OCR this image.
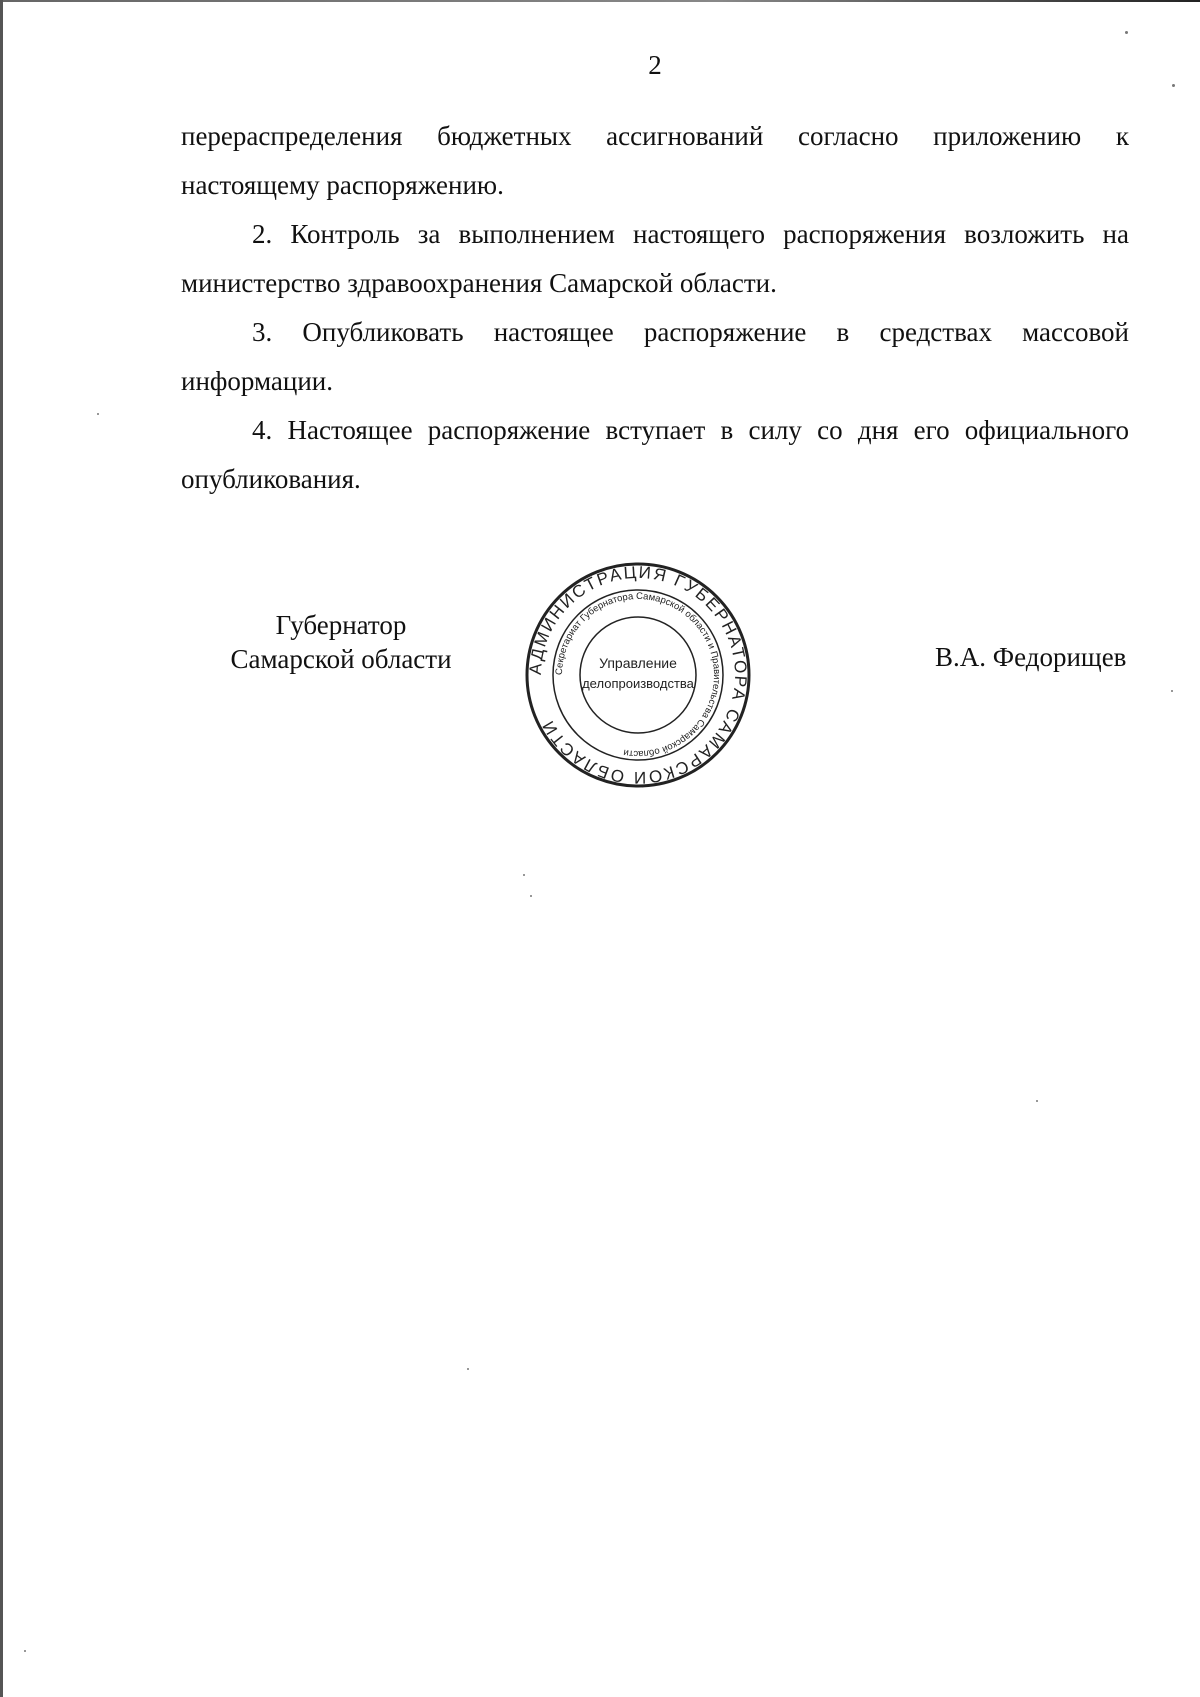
2

перераспределения бюджетных ассигнований согласно приложению к настоящему распоряжению.

2. Контроль за выполнением настоящего распоряжения возложить на министерство здравоохранения Самарской области.

3. Опубликовать настоящее распоряжение в средствах массовой информации.

4. Настоящее распоряжение вступает в силу со дня его официального опубликования.

Губернатор
Самарской области	АДМИНИСТРАЦИЯ ГУБЕРНАТОРА САМАРСКОЙ ОБЛАСТИ
Секретариат Губернатора Самарской области и Правительства Самарской области
Управление
делопроизводства
В.А. Федорищев
